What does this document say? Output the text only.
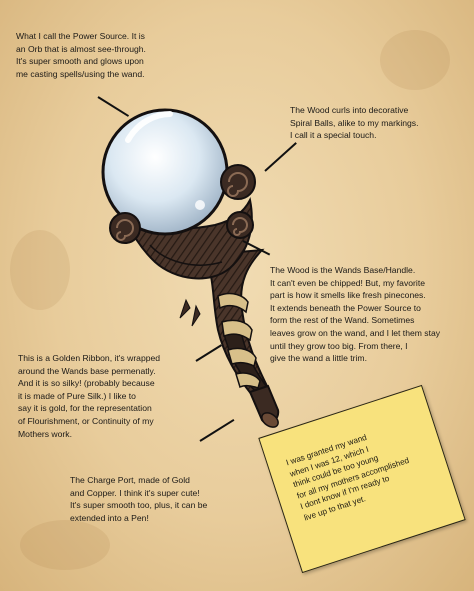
What I call the Power Source. It is
an Orb that is almost see-through.
It's super smooth and glows upon
me casting spells/using the wand.
The Wood curls into decorative
Spiral Balls, alike to my markings.
I call it a special touch.
The Wood is the Wands Base/Handle.
It can't even be chipped! But, my favorite
part is how it smells like fresh pinecones.
It extends beneath the Power Source to
form the rest of the Wand. Sometimes
leaves grow on the wand, and I let them stay
until they grow too big. From there, I
give the wand a little trim.
This is a Golden Ribbon, it's wrapped
around the Wands base permenatly.
And it is so silky! (probably because
it is made of Pure Silk.) I like to
say it is gold, for the representation
of Flourishment, or Continuity of my
Mothers work.
The Charge Port, made of Gold
and Copper. I think it's super cute!
It's super smooth too, plus, it can be
extended into a Pen!
I was granted my wand
when I was 12, which I
think could be too young
for all my mothers accomplished
I dont know if I'm ready to
live up to that yet.
